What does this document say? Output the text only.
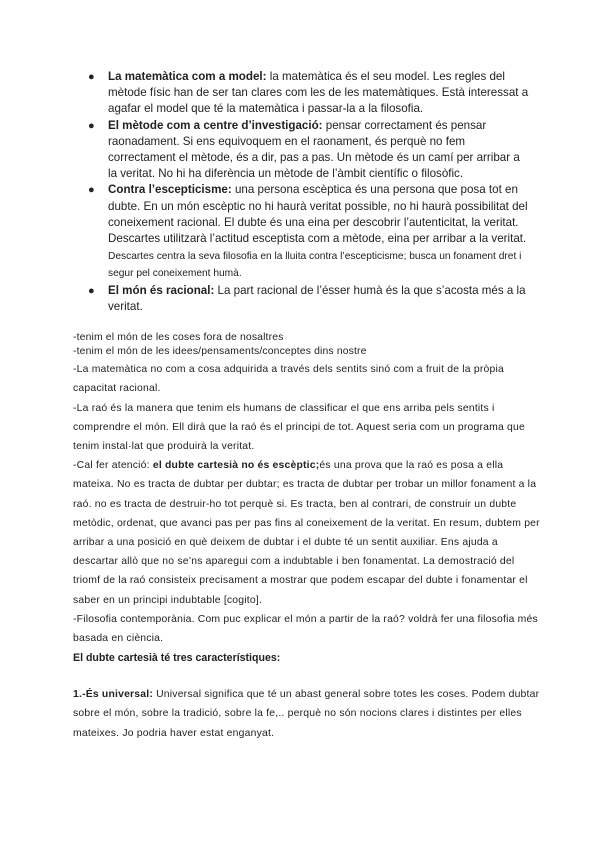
● La matemàtica com a model: la matemàtica és el seu model. Les regles del mètode físic han de ser tan clares com les de les matemàtiques. Està interessat a agafar el model que té la matemàtica i passar-la a la filosofia.
● El mètode com a centre d’investigació: pensar correctament és pensar raonadament. Si ens equivoquem en el raonament, és perquè no fem correctament el mètode, és a dir, pas a pas. Un mètode és un camí per arribar a la veritat. No hi ha diferència un mètode de l’àmbit científic o filosòfic.
● Contra l’escepticisme: una persona escèptica és una persona que posa tot en dubte. En un món escèptic no hi haurà veritat possible, no hi haurà possibilitat del coneixement racional. El dubte és una eina per descobrir l’autenticitat, la veritat. Descartes utilitzarà l’actitud esceptista com a mètode, eina per arribar a la veritat. Descartes centra la seva filosofia en la lluita contra l’escepticisme; busca un fonament dret i segur pel coneixement humà.
● El món és racional: La part racional de l’ésser humà és la que s’acosta més a la veritat.
-tenim el món de les coses fora de nosaltres
-tenim el món de les idees/pensaments/conceptes dins nostre
-La matemàtica no com a cosa adquirida a través dels sentits sinó com a fruit de la pròpia capacitat racional.
-La raó és la manera que tenim els humans de classificar el que ens arriba pels sentits i comprendre el món. Ell dirà que la raó és el principi de tot. Aquest seria com un programa que tenim instal·lat que produirà la veritat.
-Cal fer atenció: el dubte cartesià no és escèptic;és una prova que la raó es posa a ella mateixa. No es tracta de dubtar per dubtar; es tracta de dubtar per trobar un millor fonament a la raó. no es tracta de destruir-ho tot perquè si. Es tracta, ben al contrari, de construir un dubte metòdic, ordenat, que avanci pas per pas fins al coneixement de la veritat. En resum, dubtem per arribar a una posició en què deixem de dubtar i el dubte té un sentit auxiliar. Ens ajuda a descartar allò que no se’ns aparegui com a indubtable i ben fonamentat. La demostració del triomf de la raó consisteix precisament a mostrar que podem escapar del dubte i fonamentar el saber en un principi indubtable [cogito].
-Filosofia contemporània. Com puc explicar el món a partir de la raó? voldrà fer una filosofia més basada en ciència.
El dubte cartesià té tres característiques:
1.-És universal: Universal significa que té un abast general sobre totes les coses. Podem dubtar sobre el món, sobre la tradició, sobre la fe,.. perquè no són nocions clares i distintes per elles mateixes. Jo podria haver estat enganyat.
